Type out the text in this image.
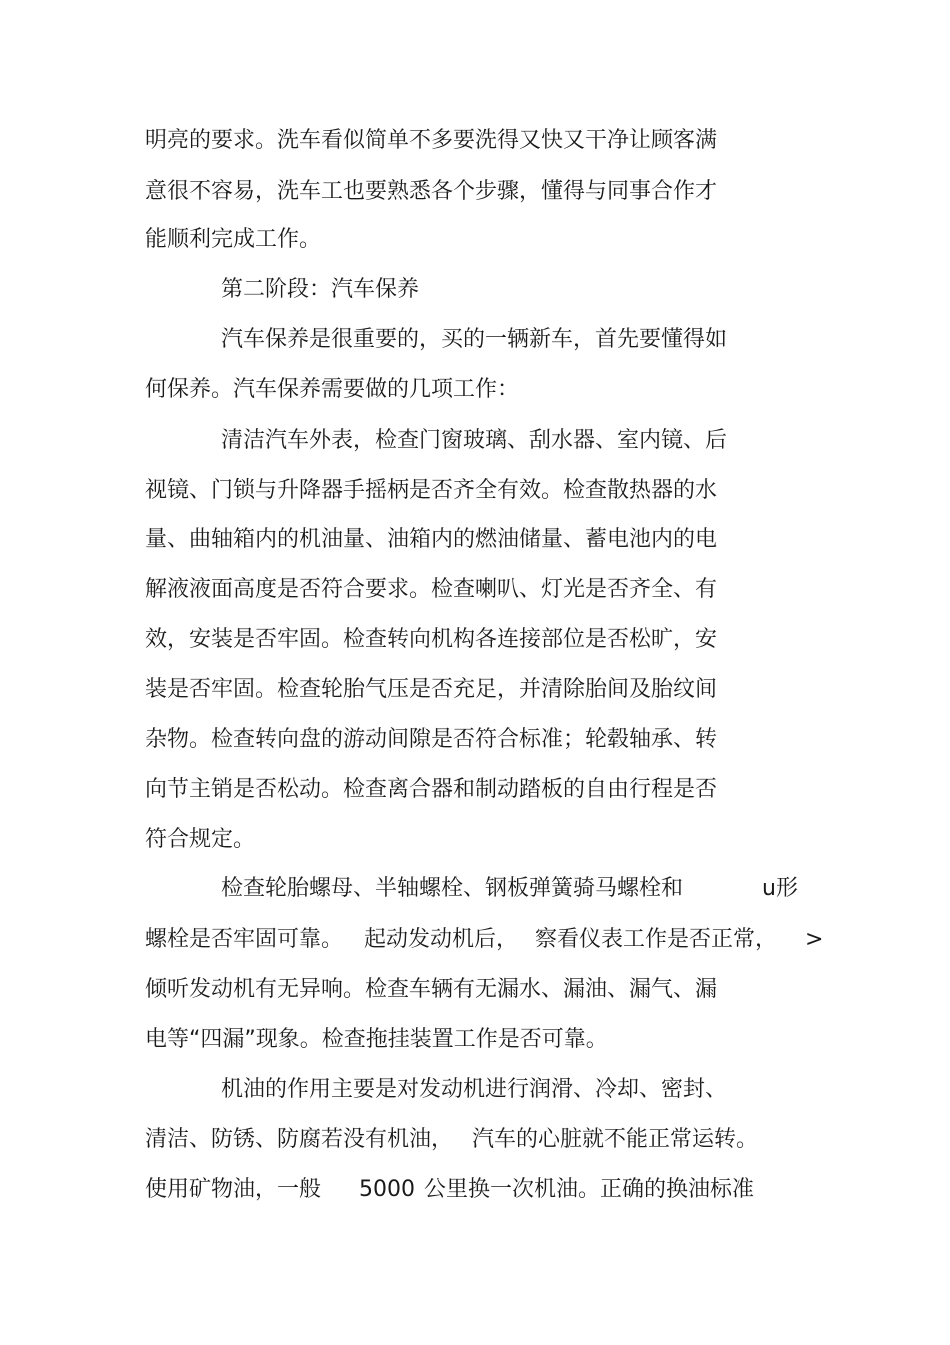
明亮的要求。洗车看似简单不多要洗得又快又干净让顾客满
意很不容易，洗车工也要熟悉各个步骤，懂得与同事合作才
能顺利完成工作。
第二阶段：汽车保养
汽车保养是很重要的，买的一辆新车，首先要懂得如
何保养。汽车保养需要做的几项工作：
清洁汽车外表，检查门窗玻璃、刮水器、室内镜、后
视镜、门锁与升降器手摇柄是否齐全有效。检查散热器的水
量、曲轴箱内的机油量、油箱内的燃油储量、蓄电池内的电
解液液面高度是否符合要求。检查喇叭、灯光是否齐全、有
效，安装是否牢固。检查转向机构各连接部位是否松旷，安
装是否牢固。检查轮胎气压是否充足，并清除胎间及胎纹间
杂物。检查转向盘的游动间隙是否符合标准；轮毂轴承、转
向节主销是否松动。检查离合器和制动踏板的自由行程是否
符合规定。
检查轮胎螺母、半轴螺栓、钢板弹簧骑马螺栓和	u形
螺栓是否牢固可靠。 起动发动机后， 察看仪表工作是否正常， >
倾听发动机有无异响。检查车辆有无漏水、漏油、漏气、漏
电等“四漏”现象。检查拖挂装置工作是否可靠。
机油的作用主要是对发动机进行润滑、冷却、密封、
清洁、防锈、防腐若没有机油， 汽车的心脏就不能正常运转。
使用矿物油，一般 5000 公里换一次机油。正确的换油标准
